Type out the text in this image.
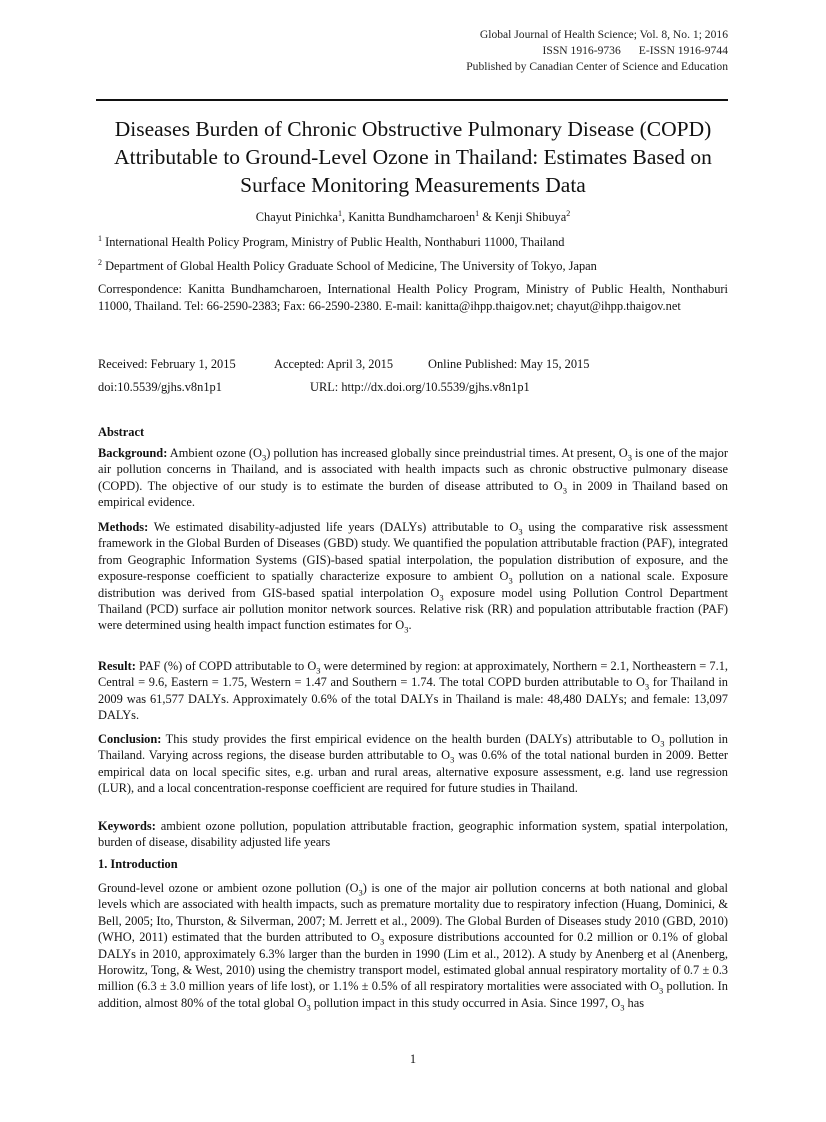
Global Journal of Health Science; Vol. 8, No. 1; 2016
ISSN 1916-9736 E-ISSN 1916-9744
Published by Canadian Center of Science and Education
Diseases Burden of Chronic Obstructive Pulmonary Disease (COPD)
Attributable to Ground-Level Ozone in Thailand: Estimates Based on
Surface Monitoring Measurements Data
Chayut Pinichka$^1$, Kanitta Bundhamcharoen$^1$ & Kenji Shibuya$^2$
$^1$ International Health Policy Program, Ministry of Public Health, Nonthaburi 11000, Thailand
$^2$ Department of Global Health Policy Graduate School of Medicine, The University of Tokyo, Japan
Correspondence: Kanitta Bundhamcharoen, International Health Policy Program, Ministry of Public Health, Nonthaburi 11000, Thailand. Tel: 66-2590-2383; Fax: 66-2590-2380. E-mail: kanitta@ihpp.thaigov.net; chayut@ihpp.thaigov.net
Received: February 1, 2015	Accepted: April 3, 2015	Online Published: May 15, 2015
doi:10.5539/gjhs.v8n1p1	URL: http://dx.doi.org/10.5539/gjhs.v8n1p1
Abstract
Background: Ambient ozone $(O_3)$ pollution has increased globally since preindustrial times. At present, $O_3$ is one of the major air pollution concerns in Thailand, and is associated with health impacts such as chronic obstructive pulmonary disease (COPD). The objective of our study is to estimate the burden of disease attributed to $O_3$ in 2009 in Thailand based on empirical evidence.
Methods: We estimated disability-adjusted life years (DALYs) attributable to $O_3$ using the comparative risk assessment framework in the Global Burden of Diseases (GBD) study. We quantified the population attributable fraction (PAF), integrated from Geographic Information Systems (GIS)-based spatial interpolation, the population distribution of exposure, and the exposure-response coefficient to spatially characterize exposure to ambient $O_3$ pollution on a national scale. Exposure distribution was derived from GIS-based spatial interpolation $O_3$ exposure model using Pollution Control Department Thailand (PCD) surface air pollution monitor network sources. Relative risk (RR) and population attributable fraction (PAF) were determined using health impact function estimates for $O_3$.
Result: PAF (%) of COPD attributable to $O_3$ were determined by region: at approximately, Northern = 2.1, Northeastern = 7.1, Central = 9.6, Eastern = 1.75, Western = 1.47 and Southern = 1.74. The total COPD burden attributable to $O_3$ for Thailand in 2009 was 61,577 DALYs. Approximately 0.6% of the total DALYs in Thailand is male: 48,480 DALYs; and female: 13,097 DALYs.
Conclusion: This study provides the first empirical evidence on the health burden (DALYs) attributable to $O_3$ pollution in Thailand. Varying across regions, the disease burden attributable to $O_3$ was 0.6% of the total national burden in 2009. Better empirical data on local specific sites, e.g. urban and rural areas, alternative exposure assessment, e.g. land use regression (LUR), and a local concentration-response coefficient are required for future studies in Thailand.
Keywords: ambient ozone pollution, population attributable fraction, geographic information system, spatial interpolation, burden of disease, disability adjusted life years
1. Introduction
Ground-level ozone or ambient ozone pollution $(O_3)$ is one of the major air pollution concerns at both national and global levels which are associated with health impacts, such as premature mortality due to respiratory infection (Huang, Dominici, & Bell, 2005; Ito, Thurston, & Silverman, 2007; M. Jerrett et al., 2009). The Global Burden of Diseases study 2010 (GBD, 2010) (WHO, 2011) estimated that the burden attributed to $O_3$ exposure distributions accounted for 0.2 million or 0.1% of global DALYs in 2010, approximately 6.3% larger than the burden in 1990 (Lim et al., 2012). A study by Anenberg et al (Anenberg, Horowitz, Tong, & West, 2010) using the chemistry transport model, estimated global annual respiratory mortality of 0.7 ± 0.3 million (6.3 ± 3.0 million years of life lost), or 1.1% ± 0.5% of all respiratory mortalities were associated with $O_3$ pollution. In addition, almost 80% of the total global $O_3$ pollution impact in this study occurred in Asia. Since 1997, $O_3$ has
1
